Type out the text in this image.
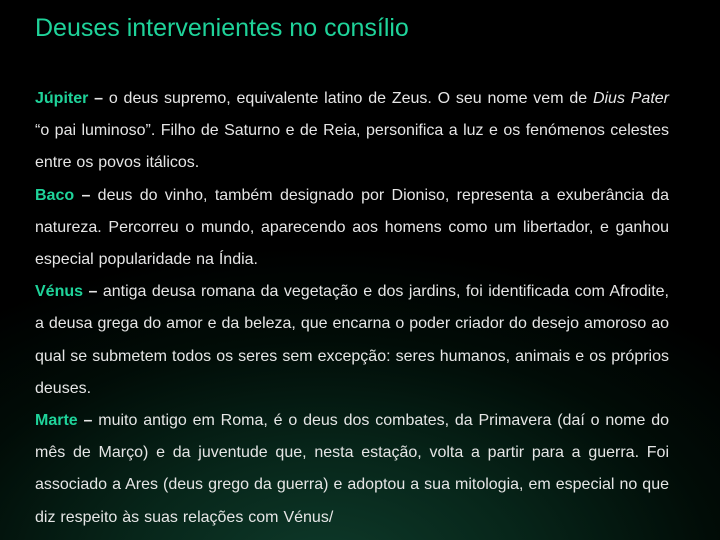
Deuses intervenientes no consílio

Júpiter – o deus supremo, equivalente latino de Zeus. O seu nome vem de Dius Pater “o pai luminoso”. Filho de Saturno e de Reia, personifica a luz e os fenómenos celestes entre os povos itálicos.

Baco – deus do vinho, também designado por Dioniso, representa a exuberância da natureza. Percorreu o mundo, aparecendo aos homens como um libertador, e ganhou especial popularidade na Índia.

Vénus – antiga deusa romana da vegetação e dos jardins, foi identificada com Afrodite, a deusa grega do amor e da beleza, que encarna o poder criador do desejo amoroso ao qual se submetem todos os seres sem excepção: seres humanos, animais e os próprios deuses.

Marte – muito antigo em Roma, é o deus dos combates, da Primavera (daí o nome do mês de Março) e da juventude que, nesta estação, volta a partir para a guerra. Foi associado a Ares (deus grego da guerra) e adoptou a sua mitologia, em especial no que diz respeito às suas relações com Vénus/
